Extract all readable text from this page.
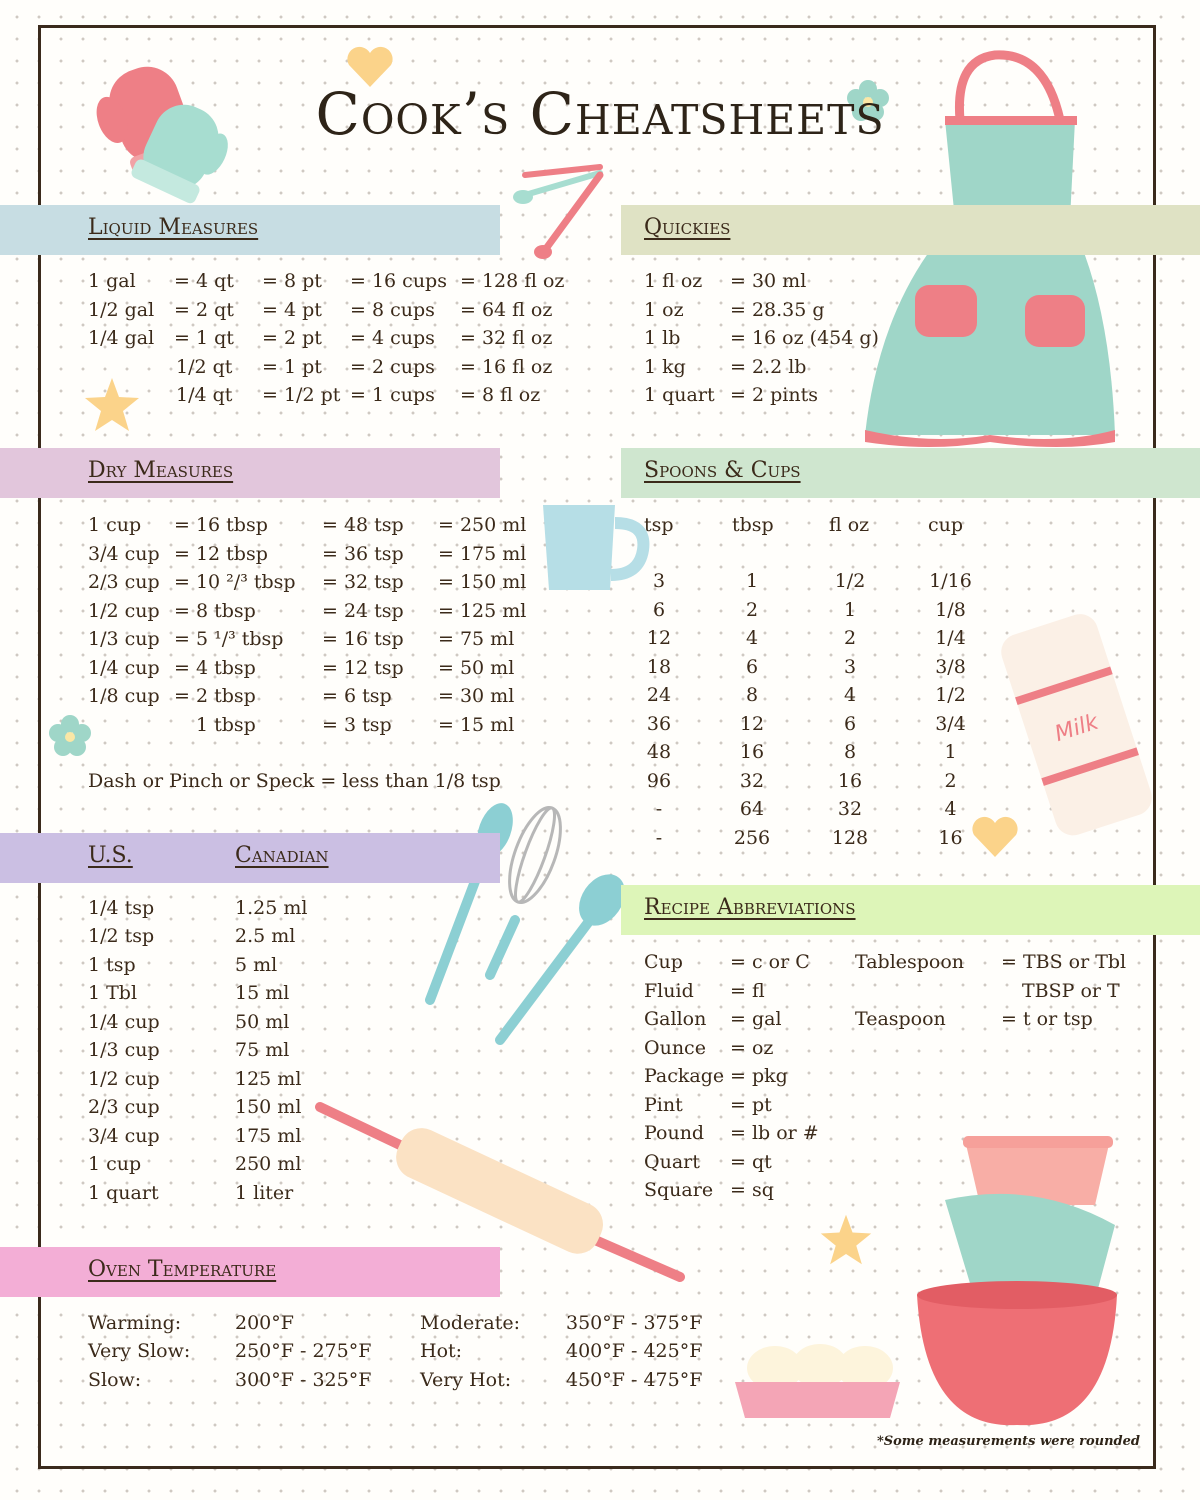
Milk
Cook’s Cheatsheets
Liquid Measures
Dry Measures
U.S.	Canadian
Oven Temperature
Quickies
Spoons & Cups
Recipe Abbreviations
1 gal = 4 qt = 8 pt = 16 cups = 128 fl oz
1/2 gal = 2 qt = 4 pt = 8 cups = 64 fl oz
1/4 gal = 1 qt = 2 pt = 4 cups = 32 fl oz
1/2 qt = 1 pt = 2 cups = 16 fl oz
1/4 qt = 1/2 pt = 1 cups = 8 fl oz
1 cup = 16 tbsp	= 48 tsp = 250 ml
3/4 cup = 12 tbsp	= 36 tsp = 175 ml
2/3 cup = 10 ²/³ tbsp = 32 tsp = 150 ml
1/2 cup = 8 tbsp	= 24 tsp = 125 ml
1/3 cup = 5 ¹/³ tbsp = 16 tsp = 75 ml
1/4 cup = 4 tbsp	= 12 tsp = 50 ml
1/8 cup = 2 tbsp	= 6 tsp = 30 ml
1 tbsp	= 3 tsp = 15 ml
Dash or Pinch or Speck = less than 1/8 tsp
1/4 tsp	1.25 ml
1/2 tsp	2.5 ml
1 tsp	5 ml
1 Tbl	15 ml
1/4 cup	50 ml
1/3 cup	75 ml
1/2 cup	125 ml
2/3 cup	150 ml
3/4 cup	175 ml
1 cup	250 ml
1 quart	1 liter
Warming:	200°F	Moderate: 350°F - 375°F
Very Slow: 250°F - 275°F	Hot:	400°F - 425°F
Slow:	300°F - 325°F	Very Hot:	450°F - 475°F
1 fl oz = 30 ml
1 oz = 28.35 g
1 lb	= 16 oz (454 g)
1 kg = 2.2 lb
1 quart = 2 pints
tsp	tbsp	fl oz	cup
3	1	1/2	1/16
6	2	1	1/8
12	4	2	1/4
18	6	3	3/8
24	8	4	1/2
36	12	6	3/4
48	16	8	1
96	32	16	2
-	64	32	4
-	256	128	16
Cup = c or C
Fluid = fl
Gallon = gal
Ounce = oz
Package = pkg
Pint = pt
Pound = lb or #
Quart = qt
Square = sq
Tablespoon = TBS or Tbl
TBSP or T
Teaspoon	= t or tsp
*Some measurements were rounded
